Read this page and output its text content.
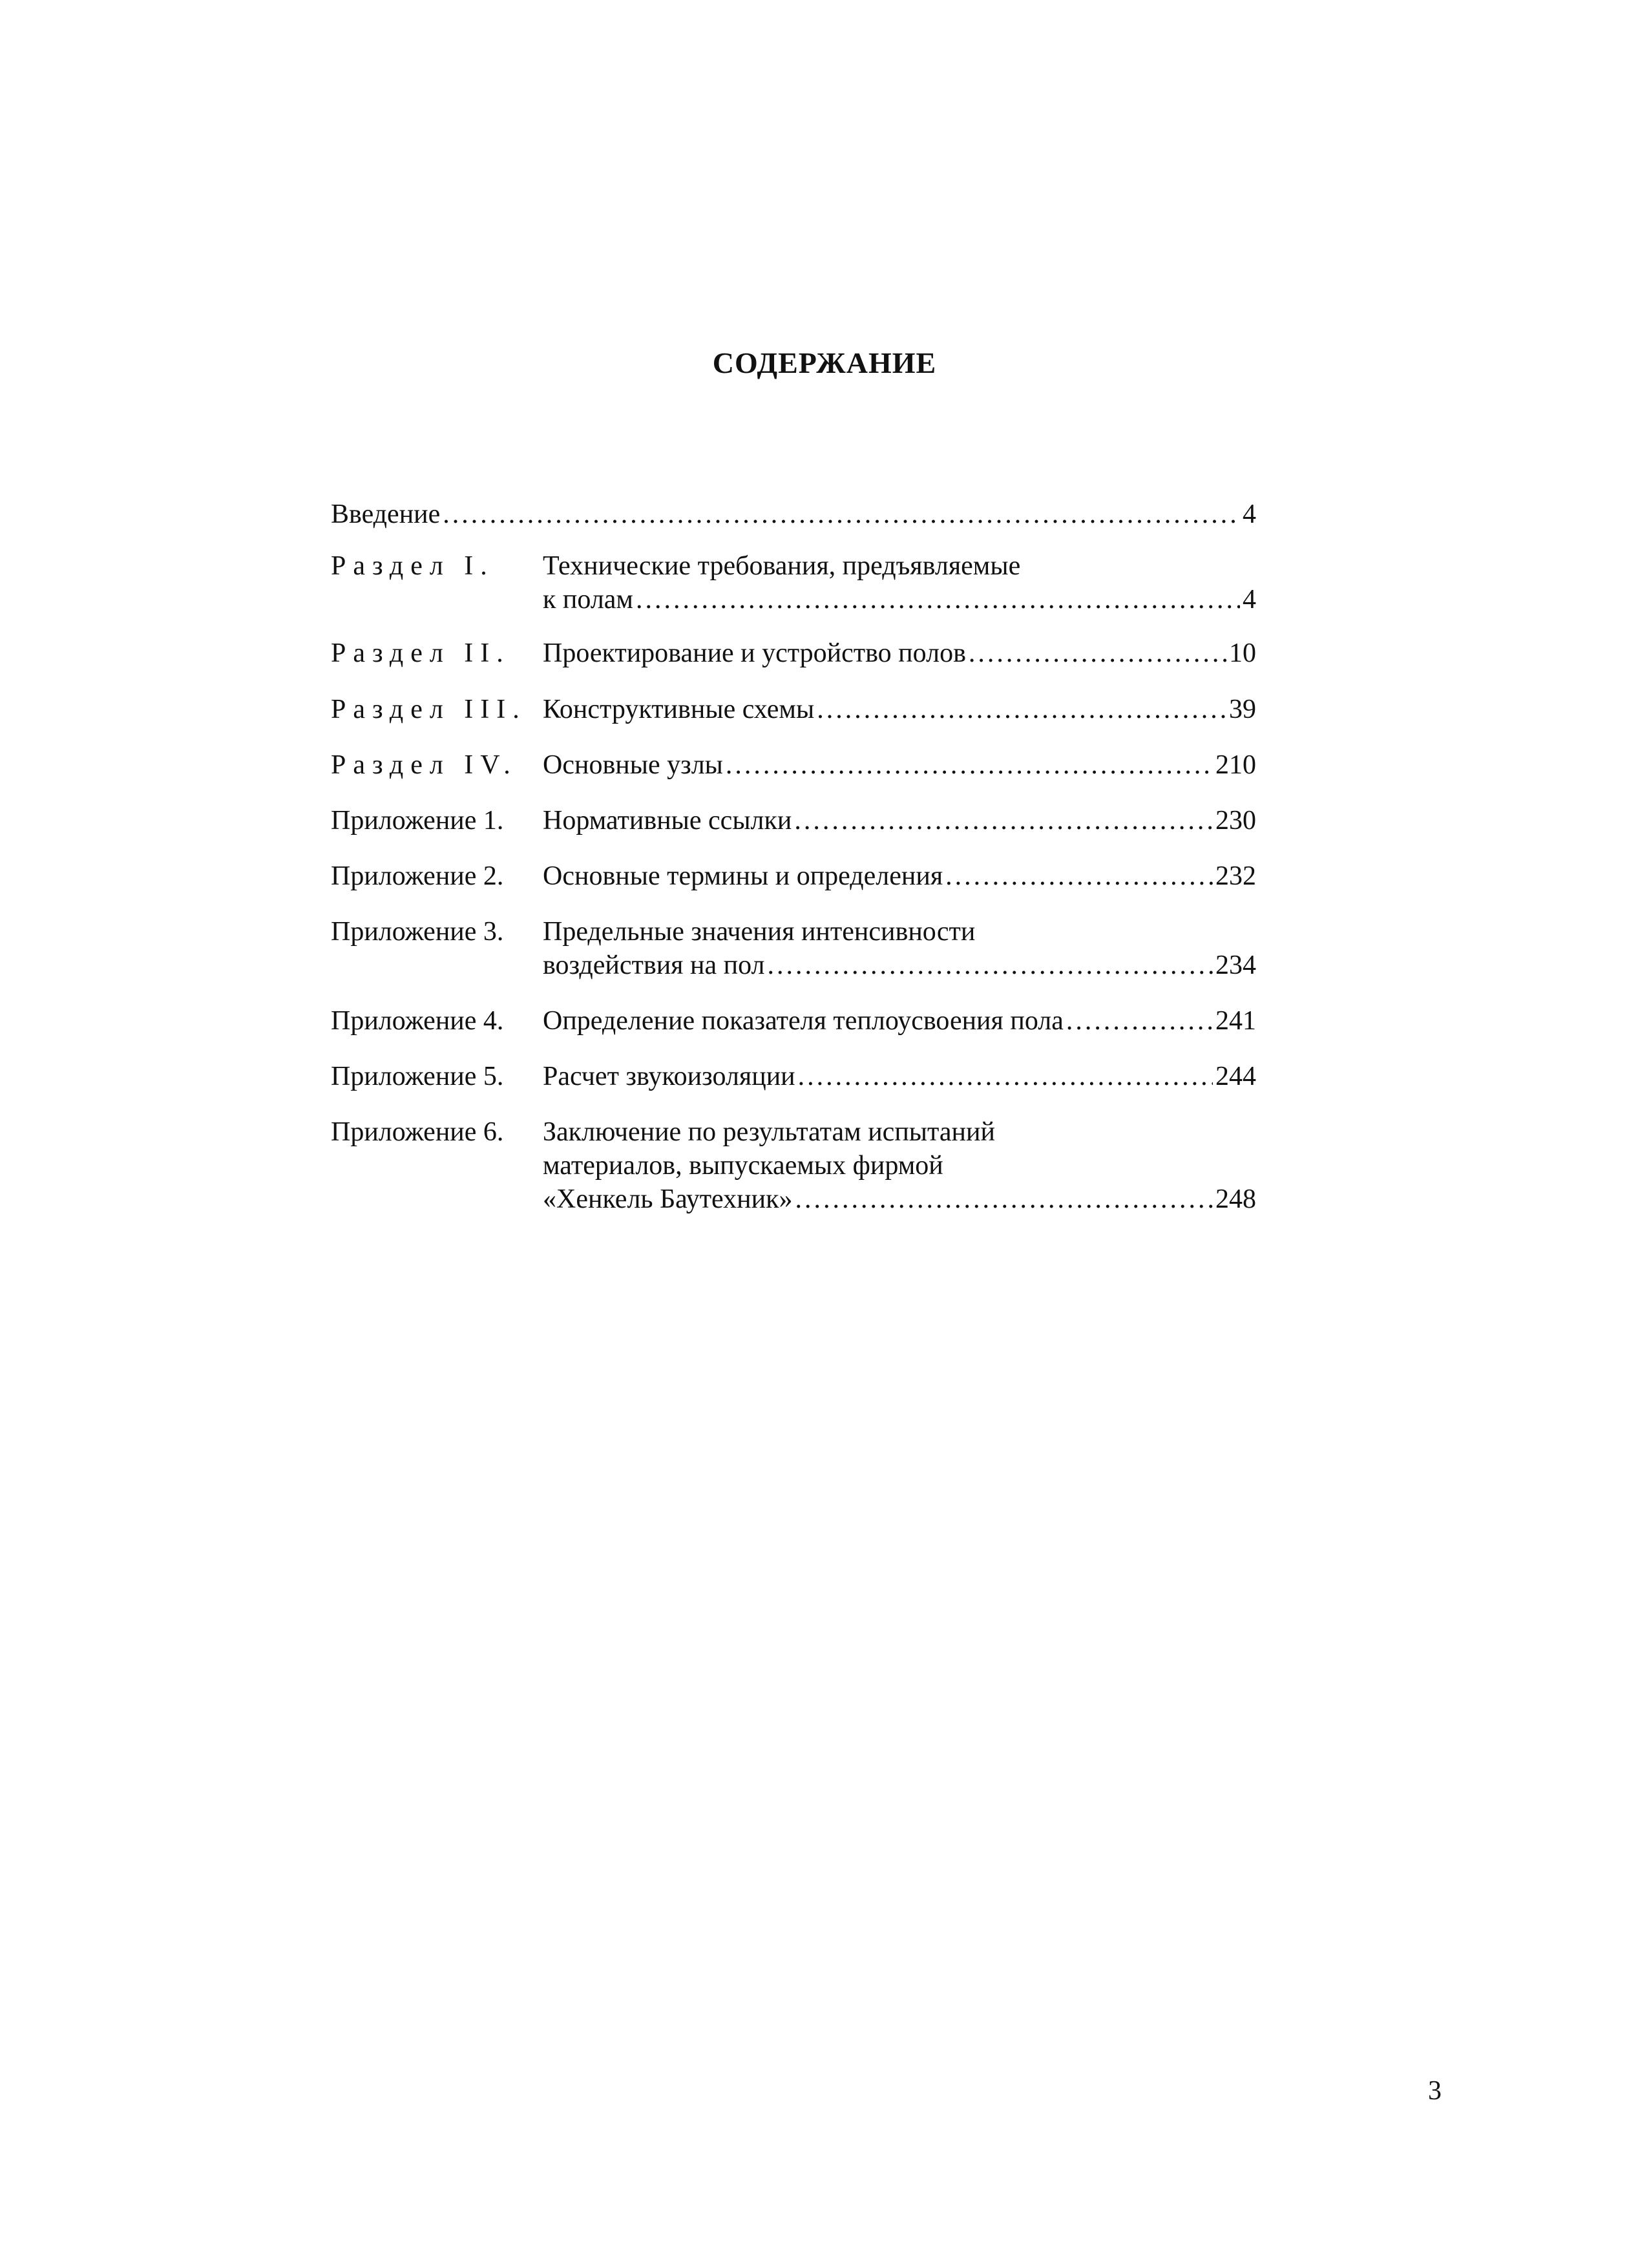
СОДЕРЖАНИЕ
Введение .....	4
Раздел I. Технические требования, предъявляемые
к полам .....	4
Раздел II. Проектирование и устройство полов .....	10
Раздел III. Конструктивные схемы .....	39
Раздел IV. Основные узлы .....	210
Приложение 1. Нормативные ссылки .....	230
Приложение 2. Основные термины и определения .....	232
Приложение 3. Предельные значения интенсивности
воздействия на пол .....	234
Приложение 4. Определение показателя теплоусвоения пола .....	241
Приложение 5. Расчет звукоизоляции .....	244
Приложение 6. Заключение по результатам испытаний
материалов, выпускаемых фирмой
«Хенкель Баутехник» .....	248
3
